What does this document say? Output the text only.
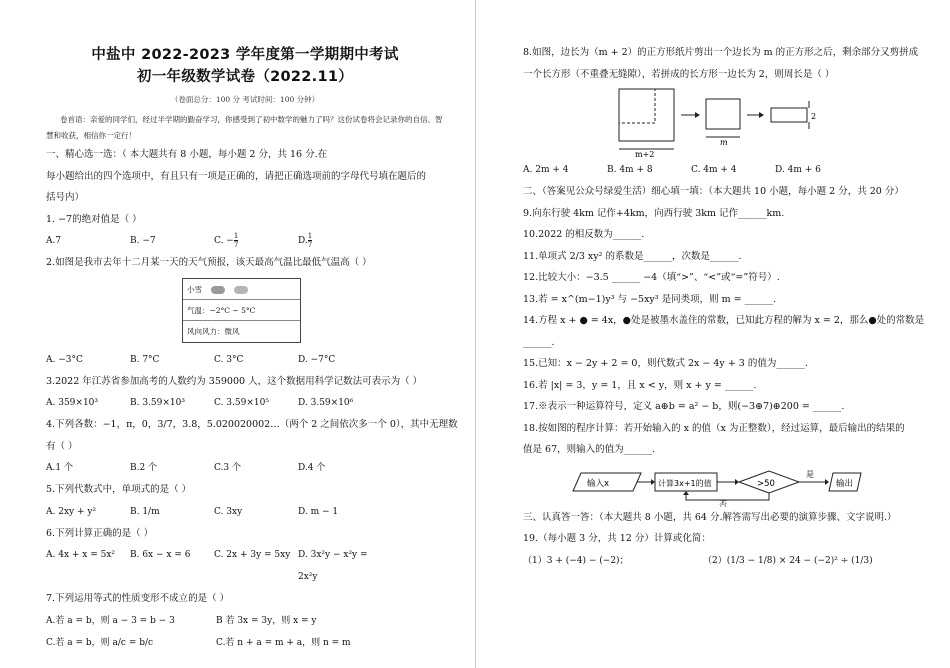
中盐中 2022-2023 学年度第一学期期中考试
初一年级数学试卷（2022.11）
（卷面总分：100 分 考试时间：100 分钟）
卷首语：亲爱的同学们，经过半学期的勤奋学习，你感受到了初中数学的魅力了吗？这份试卷将会记录你的自信、智慧和收获，相信你一定行！
一、精心选一选：（ 本大题共有 8 小题，每小题 2 分，共 16 分.在
每小题给出的四个选项中，有且只有一项是正确的，请把正确选项前的字母代号填在题后的
括号内）
1. −7的绝对值是（ ）
A.7	B. −7	C. − $\frac{1}{7}$	D. $\frac{1}{7}$
2.如图是我市去年十二月某一天的天气预报，该天最高气温比最低气温高（ ）
小雪
气温：−2°C ~ 5°C
风向风力：微风
A. −3°C	B. 7°C	C. 3°C	D. −7°C
3.2022 年江苏省参加高考的人数约为 359000 人，这个数据用科学记数法可表示为（ ）
A. 359×10³	B. 3.59×10³	C. 3.59×10⁵	D. 3.59×10⁶
4.下列各数：−1，π，0，3/7，3.8，5.020020002…（两个 2 之间依次多一个 0），其中无理数
有（ ）
A.1 个	B.2 个	C.3 个	D.4 个
5.下列代数式中，单项式的是（ ）
A. 2xy + y²	B. 1/m	C. 3xy	D. m − 1
6.下列计算正确的是（ ）
A. 4x + x = 5x²	B. 6x − x = 6	C. 2x + 3y = 5xy D. 3x²y − x²y = 2x²y
7.下列运用等式的性质变形不成立的是（ ）
A.若 a = b，则 a − 3 = b − 3	B 若 3x = 3y，则 x = y
C.若 a = b，则 a/c = b/c	C.若 n + a = m + a，则 n = m
8.如图，边长为（m + 2）的正方形纸片剪出一个边长为 m 的正方形之后，剩余部分又剪拼成
一个长方形（不重叠无缝隙），若拼成的长方形一边长为 2，则周长是（ ）
m+2
m
2
A. 2m + 4	B. 4m + 8	C. 4m + 4	D. 4m + 6
二、（答案见公众号绿爱生活）细心填一填：（本大题共 10 小题，每小题 2 分，共 20 分）
9.向东行驶 4km 记作+4km，向西行驶 3km 记作______km.
10.2022 的相反数为______.
11.单项式 2/3 xy² 的系数是______，次数是______.
12.比较大小：−3.5 ______ −4（填“>”、“<”或“=”符号）.
13.若 = x^(m−1)y³ 与 −5xy³ 是同类项，则 m = ______.
14.方程 x + ● = 4x，●处是被墨水盖住的常数，已知此方程的解为 x = 2，那么●处的常数是
______.
15.已知：x − 2y + 2 = 0，则代数式 2x − 4y + 3 的值为______.
16.若 |x| = 3，y = 1，且 x < y，则 x + y = ______.
17.※表示一种运算符号，定义 a⊕b = a² − b，则(−3⊕7)⊕200 = ______.
18.按如图的程序计算：若开始输入的 x 的值（x 为正整数），经过运算，最后输出的结果的
值是 67，则输入的值为______.
输入x	计算3x+1的值	>50
是
输出
否
三、认真答一答：（本大题共 8 小题，共 64 分.解答需写出必要的演算步骤、文字说明.）
19.（每小题 3 分，共 12 分）计算或化简：
（1）3 + (−4) − (−2)；	（2）(1/3 − 1/8) × 24 − (−2)² ÷ (1/3)
